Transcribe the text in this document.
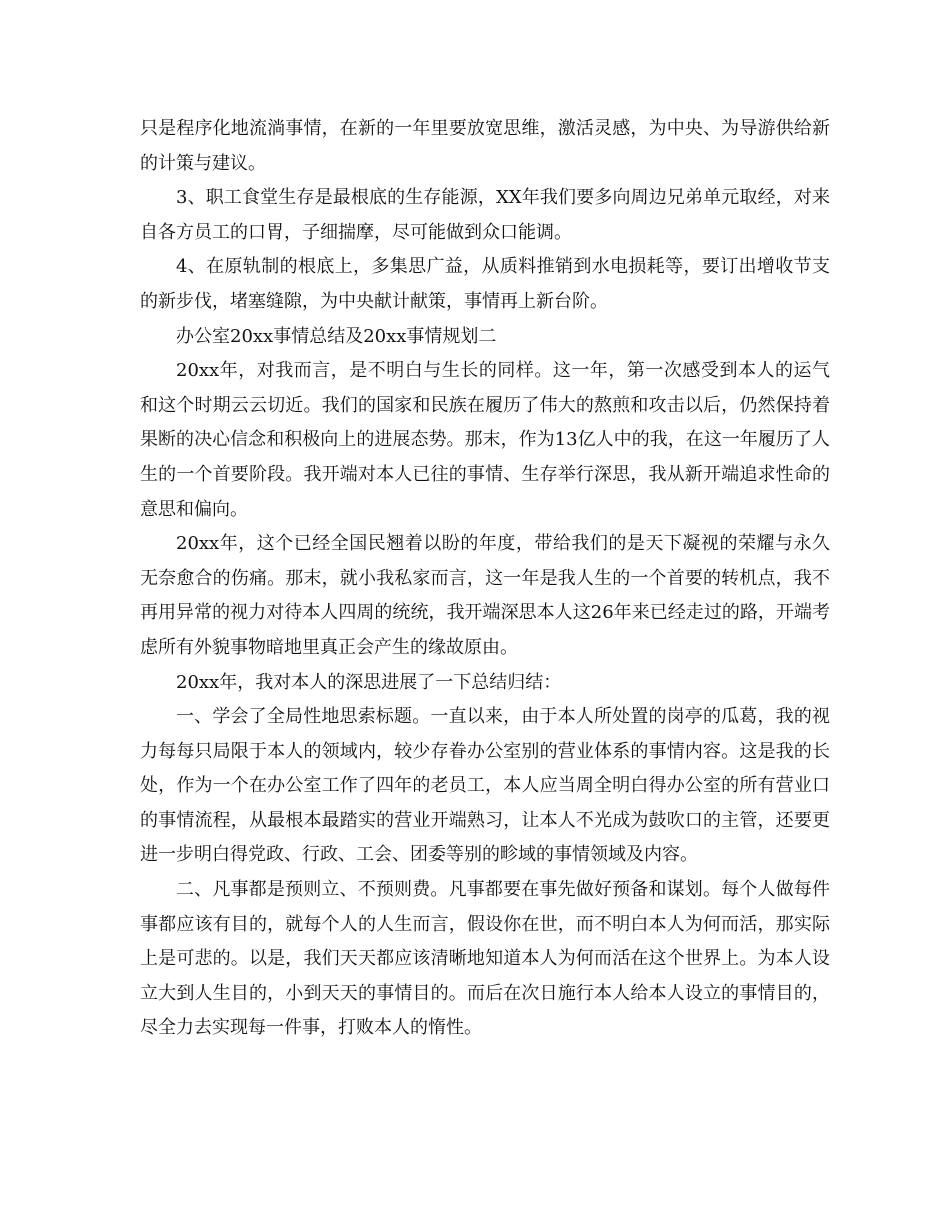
只是程序化地流淌事情，在新的一年里要放宽思维，激活灵感，为中央、为导游供给新的计策与建议。

3、职工食堂生存是最根底的生存能源，XX年我们要多向周边兄弟单元取经，对来自各方员工的口胃，子细揣摩，尽可能做到众口能调。

4、在原轨制的根底上，多集思广益，从质料推销到水电损耗等，要订出增收节支的新步伐，堵塞缝隙，为中央献计献策，事情再上新台阶。

办公室20xx事情总结及20xx事情规划二

20xx年，对我而言，是不明白与生长的同样。这一年，第一次感受到本人的运气和这个时期云云切近。我们的国家和民族在履历了伟大的熬煎和攻击以后，仍然保持着果断的决心信念和积极向上的进展态势。那末，作为13亿人中的我，在这一年履历了人生的一个首要阶段。我开端对本人已往的事情、生存举行深思，我从新开端追求性命的意思和偏向。

20xx年，这个已经全国民翘着以盼的年度，带给我们的是天下凝视的荣耀与永久无奈愈合的伤痛。那末，就小我私家而言，这一年是我人生的一个首要的转机点，我不再用异常的视力对待本人四周的统统，我开端深思本人这26年来已经走过的路，开端考虑所有外貌事物暗地里真正会产生的缘故原由。

20xx年，我对本人的深思进展了一下总结归结：

一、学会了全局性地思索标题。一直以来，由于本人所处置的岗亭的瓜葛，我的视力每每只局限于本人的领域内，较少存眷办公室别的营业体系的事情内容。这是我的长处，作为一个在办公室工作了四年的老员工，本人应当周全明白得办公室的所有营业口的事情流程，从最根本最踏实的营业开端熟习，让本人不光成为鼓吹口的主管，还要更进一步明白得党政、行政、工会、团委等别的畛域的事情领域及内容。

二、凡事都是预则立、不预则费。凡事都要在事先做好预备和谋划。每个人做每件事都应该有目的，就每个人的人生而言，假设你在世，而不明白本人为何而活，那实际上是可悲的。以是，我们天天都应该清晰地知道本人为何而活在这个世界上。为本人设立大到人生目的，小到天天的事情目的。而后在次日施行本人给本人设立的事情目的，尽全力去实现每一件事，打败本人的惰性。
